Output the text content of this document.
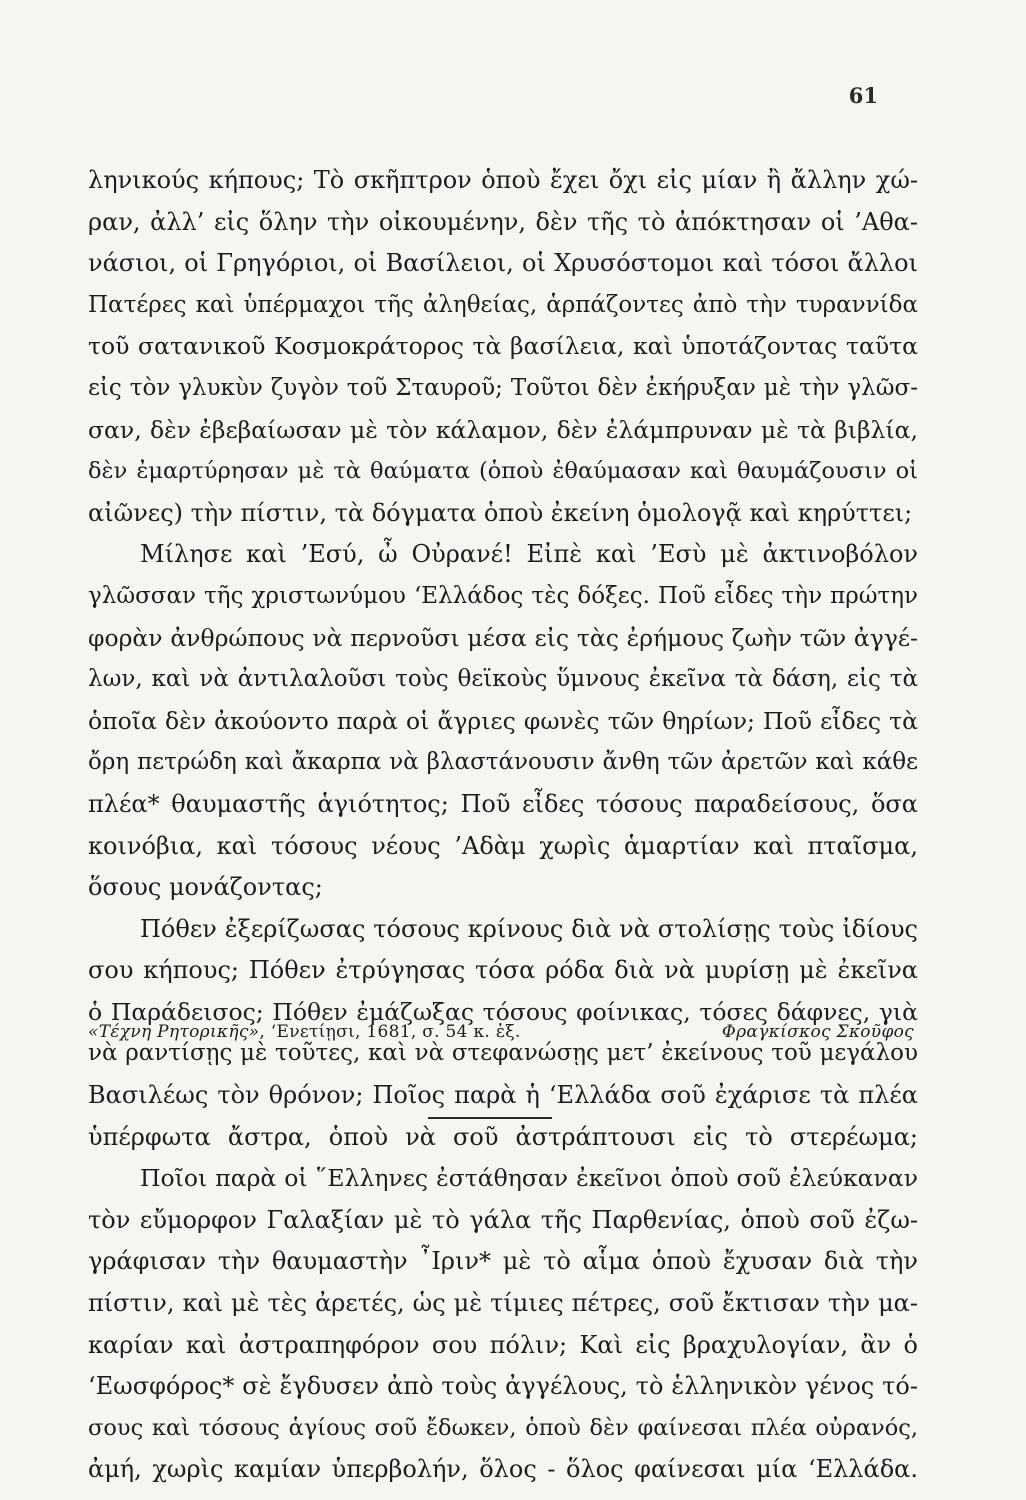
61
ληνικούς κήπους; Τὸ σκῆπτρον ὁποὺ ἔχει ὄχι εἰς μίαν ἢ ἄλλην χώ-
ραν, ἀλλ’ εἰς ὅλην τὴν οἰκουμένην, δὲν τῆς τὸ ἀπόκτησαν οἱ ’Αθα-
νάσιοι, οἱ Γρηγόριοι, οἱ Βασίλειοι, οἱ Χρυσόστομοι καὶ τόσοι ἄλλοι
Πατέρες καὶ ὑπέρμαχοι τῆς ἀληθείας, ἁρπάζοντες ἀπὸ τὴν τυραννίδα
τοῦ σατανικοῦ Κοσμοκράτορος τὰ βασίλεια, καὶ ὑποτάζοντας ταῦτα
εἰς τὸν γλυκὺν ζυγὸν τοῦ Σταυροῦ; Τοῦτοι δὲν ἐκήρυξαν μὲ τὴν γλῶσ-
σαν, δὲν ἐβεβαίωσαν μὲ τὸν κάλαμον, δὲν ἐλάμπρυναν μὲ τὰ βιβλία,
δὲν ἐμαρτύρησαν μὲ τὰ θαύματα (ὁποὺ ἐθαύμασαν καὶ θαυμάζουσιν οἱ
αἰῶνες) τὴν πίστιν, τὰ δόγματα ὁποὺ ἐκείνη ὁμολογᾷ καὶ κηρύττει;
Μίλησε καὶ ’Εσύ, ὦ Οὐρανέ! Εἰπὲ καὶ ’Εσὺ μὲ ἀκτινοβόλον
γλῶσσαν τῆς χριστωνύμου ‘Ελλάδος τὲς δόξες. Ποῦ εἶδες τὴν πρώτην
φορὰν ἀνθρώπους νὰ περνοῦσι μέσα εἰς τὰς ἐρήμους ζωὴν τῶν ἀγγέ-
λων, καὶ νὰ ἀντιλαλοῦσι τοὺς θεϊκοὺς ὕμνους ἐκεῖνα τὰ δάση, εἰς τὰ
ὁποῖα δὲν ἀκούοντο παρὰ οἱ ἄγριες φωνὲς τῶν θηρίων; Ποῦ εἶδες τὰ
ὄρη πετρώδη καὶ ἄκαρπα νὰ βλαστάνουσιν ἄνθη τῶν ἀρετῶν καὶ κάθε
πλέα* θαυμαστῆς ἁγιότητος; Ποῦ εἶδες τόσους παραδείσους, ὅσα
κοινόβια, καὶ τόσους νέους ’Αδὰμ χωρὶς ἁμαρτίαν καὶ πταῖσμα,
ὅσους μονάζοντας;
Πόθεν ἐξερίζωσας τόσους κρίνους διὰ νὰ στολίσῃς τοὺς ἰδίους
σου κήπους; Πόθεν ἐτρύγησας τόσα ρόδα διὰ νὰ μυρίσῃ μὲ ἐκεῖνα
ὁ Παράδεισος; Πόθεν ἐμάζωξας τόσους φοίνικας, τόσες δάφνες, γιὰ
νὰ ραντίσῃς μὲ τοῦτες, καὶ νὰ στεφανώσῃς μετ’ ἐκείνους τοῦ μεγάλου
Βασιλέως τὸν θρόνον; Ποῖος παρὰ ἡ ‘Ελλάδα σοῦ ἐχάρισε τὰ πλέα
ὑπέρφωτα ἄστρα, ὁποὺ νὰ σοῦ ἀστράπτουσι εἰς τὸ στερέωμα;
Ποῖοι παρὰ οἱ ῞Ελληνες ἐστάθησαν ἐκεῖνοι ὁποὺ σοῦ ἐλεύκαναν
τὸν εὔμορφον Γαλαξίαν μὲ τὸ γάλα τῆς Παρθενίας, ὁποὺ σοῦ ἐζω-
γράφισαν τὴν θαυμαστὴν ῏Ιριν* μὲ τὸ αἷμα ὁποὺ ἔχυσαν διὰ τὴν
πίστιν, καὶ μὲ τὲς ἀρετές, ὡς μὲ τίμιες πέτρες, σοῦ ἔκτισαν τὴν μα-
καρίαν καὶ ἀστραπηφόρον σου πόλιν; Καὶ εἰς βραχυλογίαν, ἂν ὁ
‘Εωσφόρος* σὲ ἔγδυσεν ἀπὸ τοὺς ἀγγέλους, τὸ ἑλληνικὸν γένος τό-
σους καὶ τόσους ἁγίους σοῦ ἔδωκεν, ὁποὺ δὲν φαίνεσαι πλέα οὐρανός,
ἀμή, χωρὶς καμίαν ὑπερβολήν, ὅλος - ὅλος φαίνεσαι μία ‘Ελλάδα.
«Τέχνη Ρητορικῆς», ‘Ενετίῃσι, 1681, σ. 54 κ. ἑξ.	Φραγκίσκος Σκοῦφος
